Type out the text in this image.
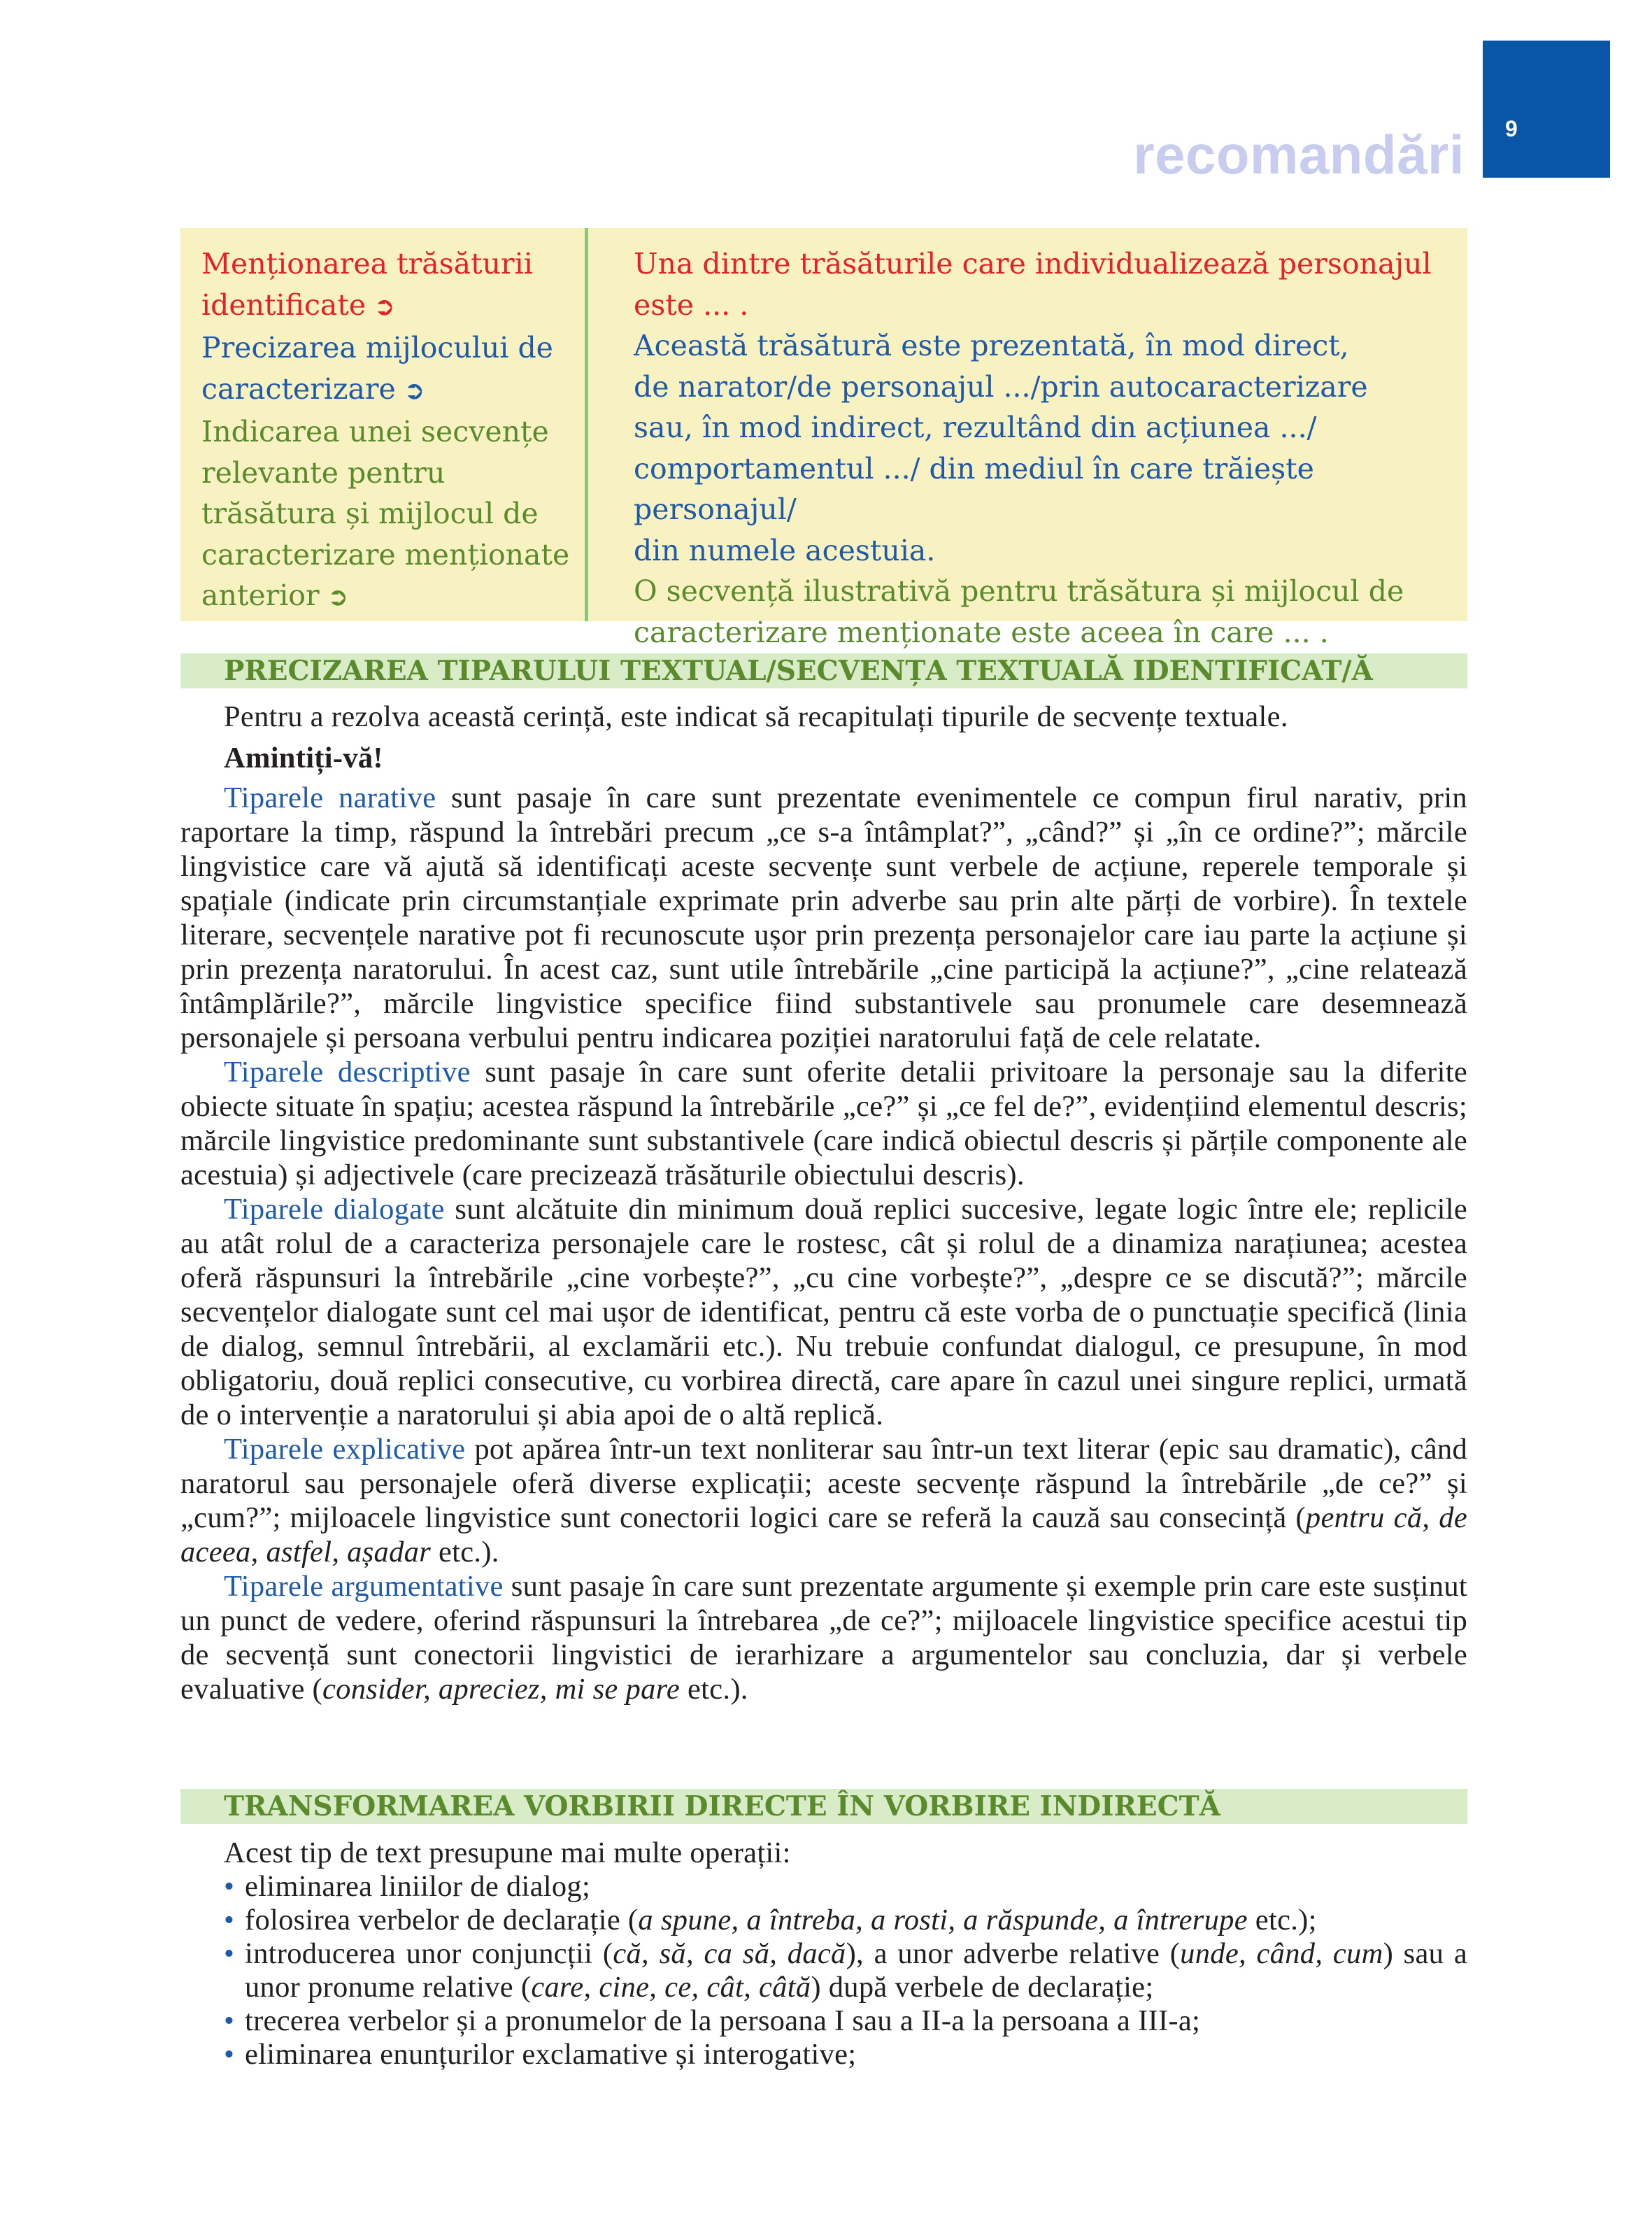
9
recomandări
Menționarea trăsăturii
identificate ➲
Precizarea mijlocului de
caracterizare ➲
Indicarea unei secvențe
relevante pentru
trăsătura și mijlocul de
caracterizare menționate
anterior ➲
Una dintre trăsăturile care individualizează personajul
este ... .
Această trăsătură este prezentată, în mod direct,
de narator/de personajul .../prin autocaracterizare
sau, în mod indirect, rezultând din acțiunea .../
comportamentul .../ din mediul în care trăiește personajul/
din numele acestuia.
O secvență ilustrativă pentru trăsătura și mijlocul de
caracterizare menționate este aceea în care ... .
PRECIZAREA TIPARULUI TEXTUAL/SECVENȚA TEXTUALĂ IDENTIFICAT/Ă

Pentru a rezolva această cerință, este indicat să recapitulați tipurile de secvențe textuale.

Amintiți-vă!

Tiparele narative sunt pasaje în care sunt prezentate evenimentele ce compun firul narativ, prin raportare la timp, răspund la întrebări precum „ce s-a întâmplat?”, „când?” și „în ce ordine?”; mărcile lingvistice care vă ajută să identificați aceste secvențe sunt verbele de acțiune, reperele temporale și spațiale (indicate prin circumstanțiale exprimate prin adverbe sau prin alte părți de vorbire). În textele literare, secvențele narative pot fi recunoscute ușor prin prezența personajelor care iau parte la acțiune și prin prezența naratorului. În acest caz, sunt utile întrebările „cine participă la acțiune?”, „cine relatează întâmplările?”, mărcile lingvistice specifice fiind substantivele sau pronumele care desemnează personajele și persoana verbului pentru indicarea poziției naratorului față de cele relatate.

Tiparele descriptive sunt pasaje în care sunt oferite detalii privitoare la personaje sau la diferite obiecte situate în spațiu; acestea răspund la întrebările „ce?” și „ce fel de?”, evidențiind elementul descris; mărcile lingvistice predominante sunt substantivele (care indică obiectul descris și părțile componente ale acestuia) și adjectivele (care precizează trăsăturile obiectului descris).

Tiparele dialogate sunt alcătuite din minimum două replici succesive, legate logic între ele; replicile au atât rolul de a caracteriza personajele care le rostesc, cât și rolul de a dinamiza narațiunea; acestea oferă răspunsuri la întrebările „cine vorbește?”, „cu cine vorbește?”, „despre ce se discută?”; mărcile secvențelor dialogate sunt cel mai ușor de identificat, pentru că este vorba de o punctuație specifică (linia de dialog, semnul întrebării, al exclamării etc.). Nu trebuie confundat dialogul, ce presupune, în mod obligatoriu, două replici consecutive, cu vorbirea directă, care apare în cazul unei singure replici, urmată de o intervenție a naratorului și abia apoi de o altă replică.

Tiparele explicative pot apărea într-un text nonliterar sau într-un text literar (epic sau dramatic), când naratorul sau personajele oferă diverse explicații; aceste secvențe răspund la întrebările „de ce?” și „cum?”; mijloacele lingvistice sunt conectorii logici care se referă la cauză sau consecință (pentru că, de aceea, astfel, așadar etc.).

Tiparele argumentative sunt pasaje în care sunt prezentate argumente și exemple prin care este susținut un punct de vedere, oferind răspunsuri la întrebarea „de ce?”; mijloacele lingvistice specifice acestui tip de secvență sunt conectorii lingvistici de ierarhizare a argumentelor sau concluzia, dar și verbele evaluative (consider, apreciez, mi se pare etc.).

TRANSFORMAREA VORBIRII DIRECTE ÎN VORBIRE INDIRECTĂ

Acest tip de text presupune mai multe operații:

• eliminarea liniilor de dialog;
• folosirea verbelor de declarație (a spune, a întreba, a rosti, a răspunde, a întrerupe etc.);
• introducerea unor conjuncții (că, să, ca să, dacă), a unor adverbe relative (unde, când, cum) sau a unor pronume relative (care, cine, ce, cât, câtă) după verbele de declarație;
• trecerea verbelor și a pronumelor de la persoana I sau a II-a la persoana a III-a;
• eliminarea enunțurilor exclamative și interogative;
